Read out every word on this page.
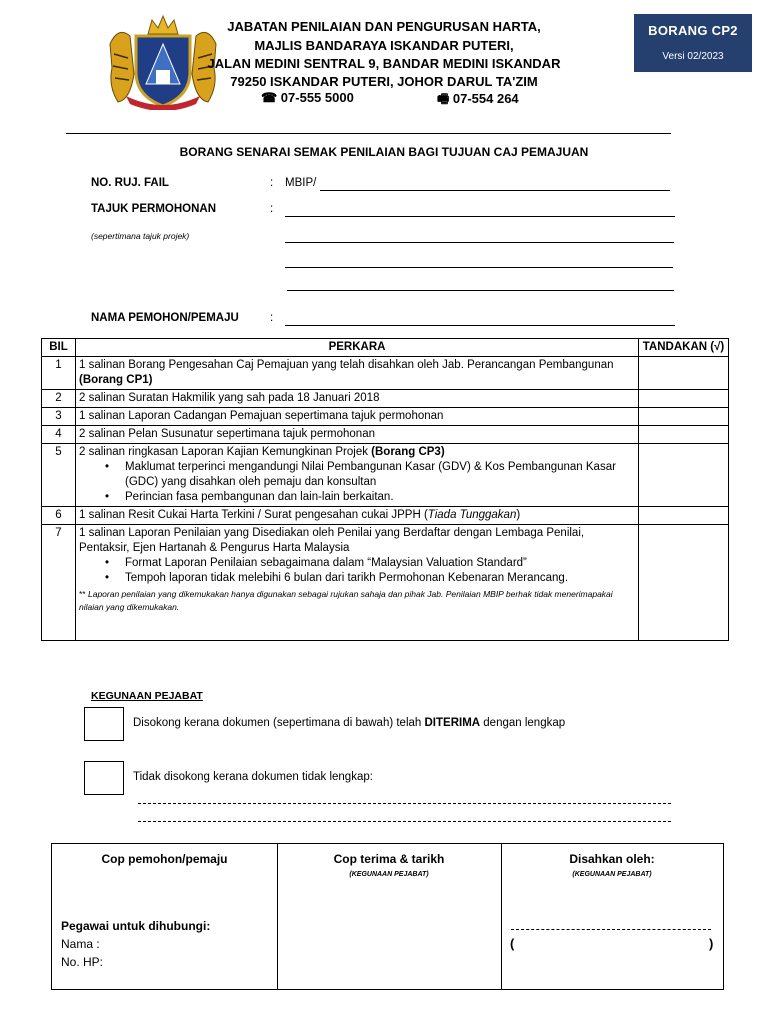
JABATAN PENILAIAN DAN PENGURUSAN HARTA,
MAJLIS BANDARAYA ISKANDAR PUTERI,
JALAN MEDINI SENTRAL 9, BANDAR MEDINI ISKANDAR
79250 ISKANDAR PUTERI, JOHOR DARUL TA'ZIM
☎ 07-555 5000	🖷 07-554 264
BORANG CP2
Versi 02/2023
BORANG SENARAI SEMAK PENILAIAN BAGI TUJUAN CAJ PEMAJUAN
NO. RUJ. FAIL	: MBIP/
TAJUK PERMOHONAN	:
(sepertimana tajuk projek)
NAMA PEMOHON/PEMAJU	:
BIL	PERKARA	TANDAKAN (√)
1	1 salinan Borang Pengesahan Caj Pemajuan yang telah disahkan oleh Jab. Perancangan Pembangunan (Borang CP1)	
2	2 salinan Suratan Hakmilik yang sah pada 18 Januari 2018	
3	1 salinan Laporan Cadangan Pemajuan sepertimana tajuk permohonan	
4	2 salinan Pelan Susunatur sepertimana tajuk permohonan	
5	2 salinan ringkasan Laporan Kajian Kemungkinan Projek (Borang CP3)
• Maklumat terperinci mengandungi Nilai Pembangunan Kasar (GDV) & Kos Pembangunan Kasar (GDC) yang disahkan oleh pemaju dan konsultan
• Perincian fasa pembangunan dan lain-lain berkaitan.

6	1 salinan Resit Cukai Harta Terkini / Surat pengesahan cukai JPPH (Tiada Tunggakan)	
7	1 salinan Laporan Penilaian yang Disediakan oleh Penilai yang Berdaftar dengan Lembaga Penilai, Pentaksir, Ejen Hartanah & Pengurus Harta Malaysia
• Format Laporan Penilaian sebagaimana dalam “Malaysian Valuation Standard”
• Tempoh laporan tidak melebihi 6 bulan dari tarikh Permohonan Kebenaran Merancang.
** Laporan penilaian yang dikemukakan hanya digunakan sebagai rujukan sahaja dan pihak Jab. Penilaian MBIP berhak tidak menerimapakai nilaian yang dikemukakan.

KEGUNAAN PEJABAT
Disokong kerana dokumen (sepertimana di bawah) telah DITERIMA dengan lengkap
Tidak disokong kerana dokumen tidak lengkap:
Cop pemohon/pemaju
Pegawai untuk dihubungi:
Nama :
No. HP:
Cop terima & tarikh
(KEGUNAAN PEJABAT)
Disahkan oleh:
(KEGUNAAN PEJABAT)
(	)
